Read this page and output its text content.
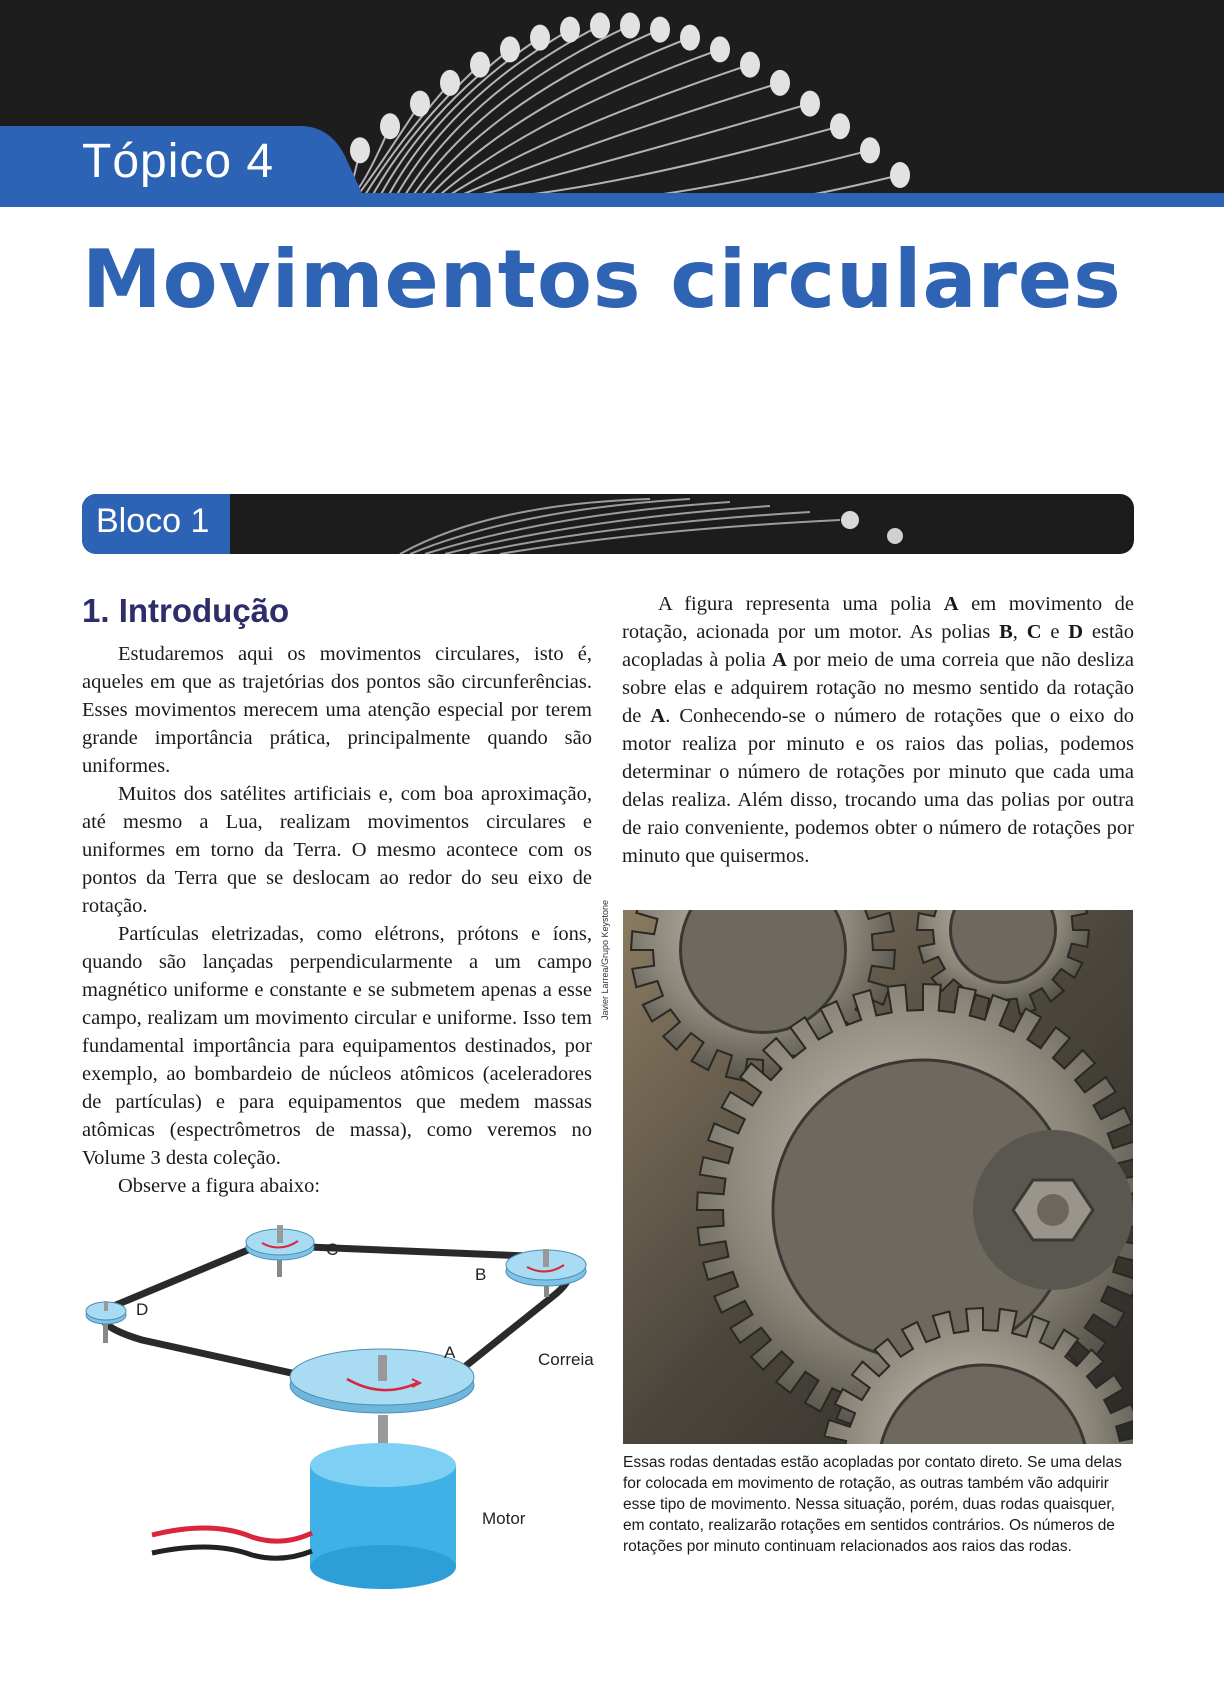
Tópico 4
Movimentos circulares
Bloco 1
1. Introdução

Estudaremos aqui os movimentos circulares, isto é, aqueles em que as trajetórias dos pontos são circunferências. Esses movimentos merecem uma atenção especial por terem grande importância prática, principalmente quando são uniformes.

Muitos dos satélites artificiais e, com boa aproximação, até mesmo a Lua, realizam movimentos circulares e uniformes em torno da Terra. O mesmo acontece com os pontos da Terra que se deslocam ao redor do seu eixo de rotação.

Partículas eletrizadas, como elétrons, prótons e íons, quando são lançadas perpendicularmente a um campo magnético uniforme e constante e se submetem apenas a esse campo, realizam um movimento circular e uniforme. Isso tem fundamental importância para equipamentos destinados, por exemplo, ao bombardeio de núcleos atômicos (aceleradores de partículas) e para equipamentos que medem massas atômicas (espectrômetros de massa), como veremos no Volume 3 desta coleção.

Observe a figura abaixo:

C
B
D
A	Correia
Motor

A figura representa uma polia A em movimento de rotação, acionada por um motor. As polias B, C e D estão acopladas à polia A por meio de uma correia que não desliza sobre elas e adquirem rotação no mesmo sentido da rotação de A. Conhecendo-se o número de rotações que o eixo do motor realiza por minuto e os raios das polias, podemos determinar o número de rotações por minuto que cada uma delas realiza. Além disso, trocando uma das polias por outra de raio conveniente, podemos obter o número de rotações por minuto que quisermos.

Javier Larrea/Grupo Keystone

Essas rodas dentadas estão acopladas por contato direto. Se uma delas for colocada em movimento de rotação, as outras também vão adquirir esse tipo de movimento. Nessa situação, porém, duas rodas quaisquer, em contato, realizarão rotações em sentidos contrários. Os números de rotações por minuto continuam relacionados aos raios das rodas.
